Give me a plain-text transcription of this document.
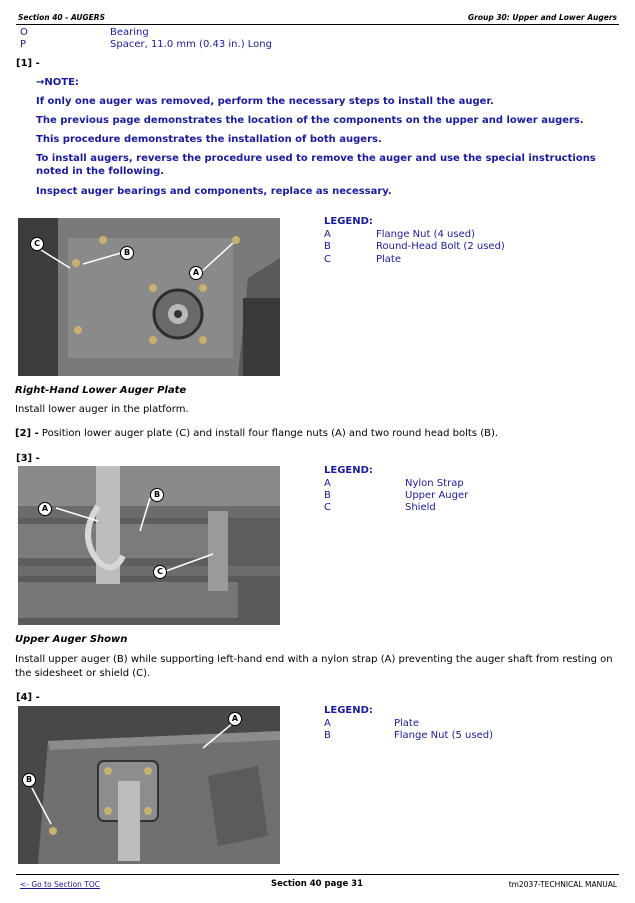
Section 40 - AUGERS	Group 30: Upper and Lower Augers
O	Bearing
P	Spacer, 11.0 mm (0.43 in.) Long
[1] -
→NOTE:
If only one auger was removed, perform the necessary steps to install the auger.
The previous page demonstrates the location of the components on the upper and lower augers.
This procedure demonstrates the installation of both augers.
To install augers, reverse the procedure used to remove the auger and use the special instructions noted in the following.
Inspect auger bearings and components, replace as necessary.
C
B
A
LEGEND:
A	Flange Nut (4 used)
B	Round-Head Bolt (2 used)
C	Plate
Right-Hand Lower Auger Plate
Install lower auger in the platform.
[2] - Position lower auger plate (C) and install four flange nuts (A) and two round head bolts (B).
[3] -
A
B
C
LEGEND:
A	Nylon Strap
B	Upper Auger
C	Shield
Upper Auger Shown
Install upper auger (B) while supporting left-hand end with a nylon strap (A) preventing the auger shaft from resting on the sidesheet or shield (C).
[4] -
A
B
LEGEND:
A	Plate
B	Flange Nut (5 used)
<- Go to Section TOC	Section 40 page 31	tm2037-TECHNICAL MANUAL
